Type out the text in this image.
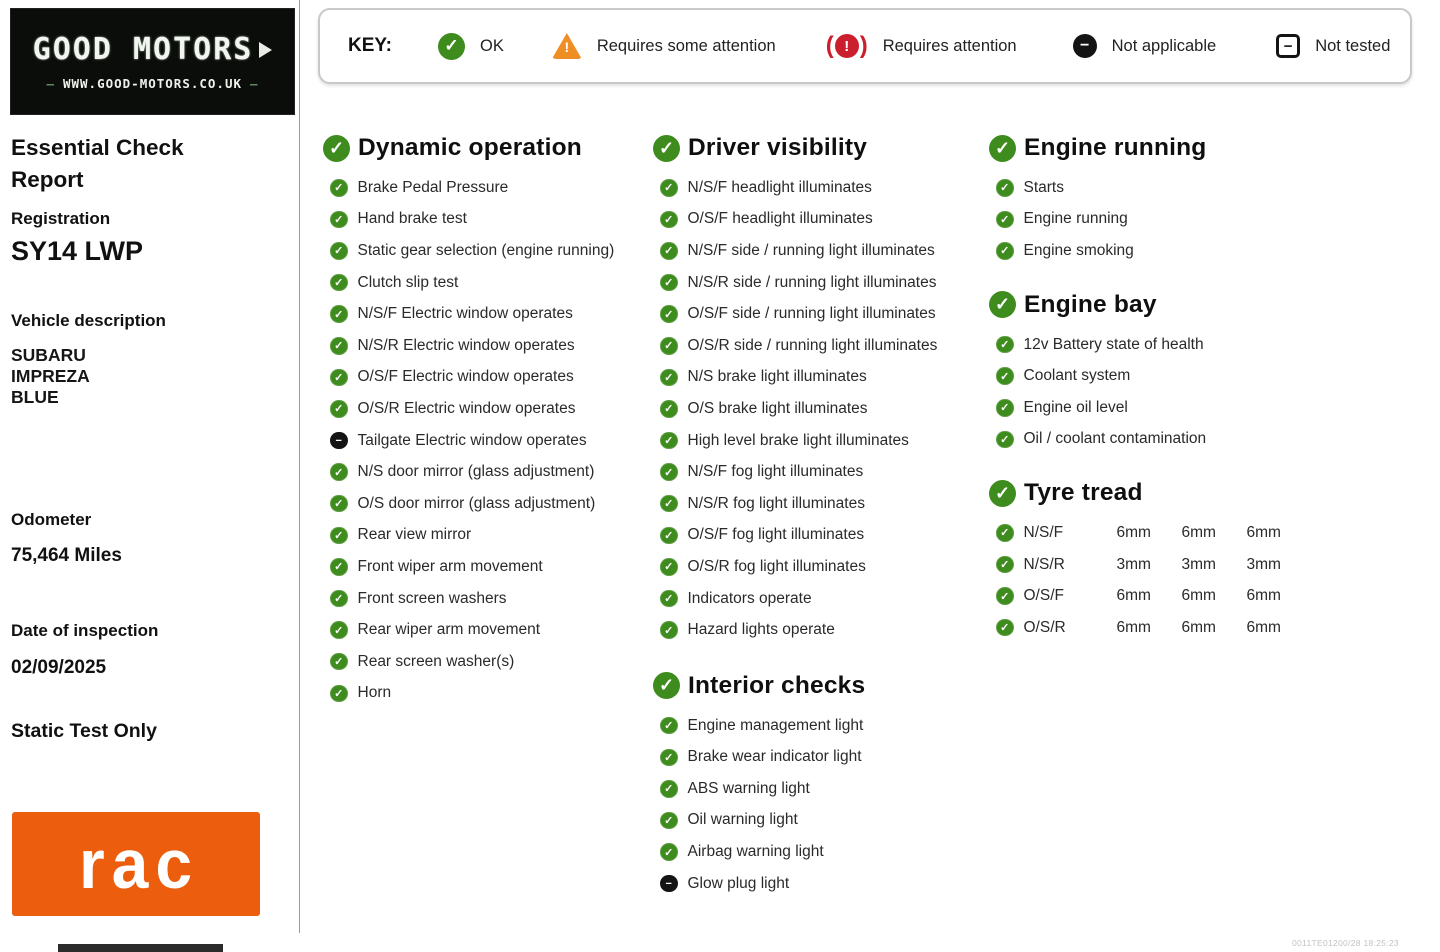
GOOD MOTORS
— WWW.GOOD-MOTORS.CO.UK —
Essential Check Report
Registration
SY14 LWP
Vehicle description
SUBARU
IMPREZA
BLUE
Odometer
75,464 Miles
Date of inspection
02/09/2025
Static Test Only
rac
KEY: ✓	OK !	Requires some attention ( ! ) Requires attention −	Not applicable −	Not tested
✓
Dynamic operation
✓
Brake Pedal Pressure
✓
Hand brake test
✓
Static gear selection (engine running)
✓
Clutch slip test
✓
N/S/F Electric window operates
✓
N/S/R Electric window operates
✓
O/S/F Electric window operates
✓
O/S/R Electric window operates
−
Tailgate Electric window operates
✓
N/S door mirror (glass adjustment)
✓
O/S door mirror (glass adjustment)
✓
Rear view mirror
✓
Front wiper arm movement
✓
Front screen washers
✓
Rear wiper arm movement
✓
Rear screen washer(s)
✓
Horn
✓
Driver visibility
✓
N/S/F headlight illuminates
✓
O/S/F headlight illuminates
✓
N/S/F side / running light illuminates
✓
N/S/R side / running light illuminates
✓
O/S/F side / running light illuminates
✓
O/S/R side / running light illuminates
✓
N/S brake light illuminates
✓
O/S brake light illuminates
✓
High level brake light illuminates
✓
N/S/F fog light illuminates
✓
N/S/R fog light illuminates
✓
O/S/F fog light illuminates
✓
O/S/R fog light illuminates
✓
Indicators operate
✓
Hazard lights operate
✓
Interior checks
✓
Engine management light
✓
Brake wear indicator light
✓
ABS warning light
✓
Oil warning light
✓
Airbag warning light
−
Glow plug light
✓
Engine running
✓
Starts
✓
Engine running
✓
Engine smoking
✓
Engine bay
✓
12v Battery state of health
✓
Coolant system
✓
Engine oil level
✓
Oil / coolant contamination
✓
Tyre tread
✓
N/S/F	6mm	6mm	6mm
✓
N/S/R	3mm	3mm	3mm
✓
O/S/F	6mm	6mm	6mm
✓
O/S/R	6mm	6mm	6mm
0011TE01200/28 18:25:23
